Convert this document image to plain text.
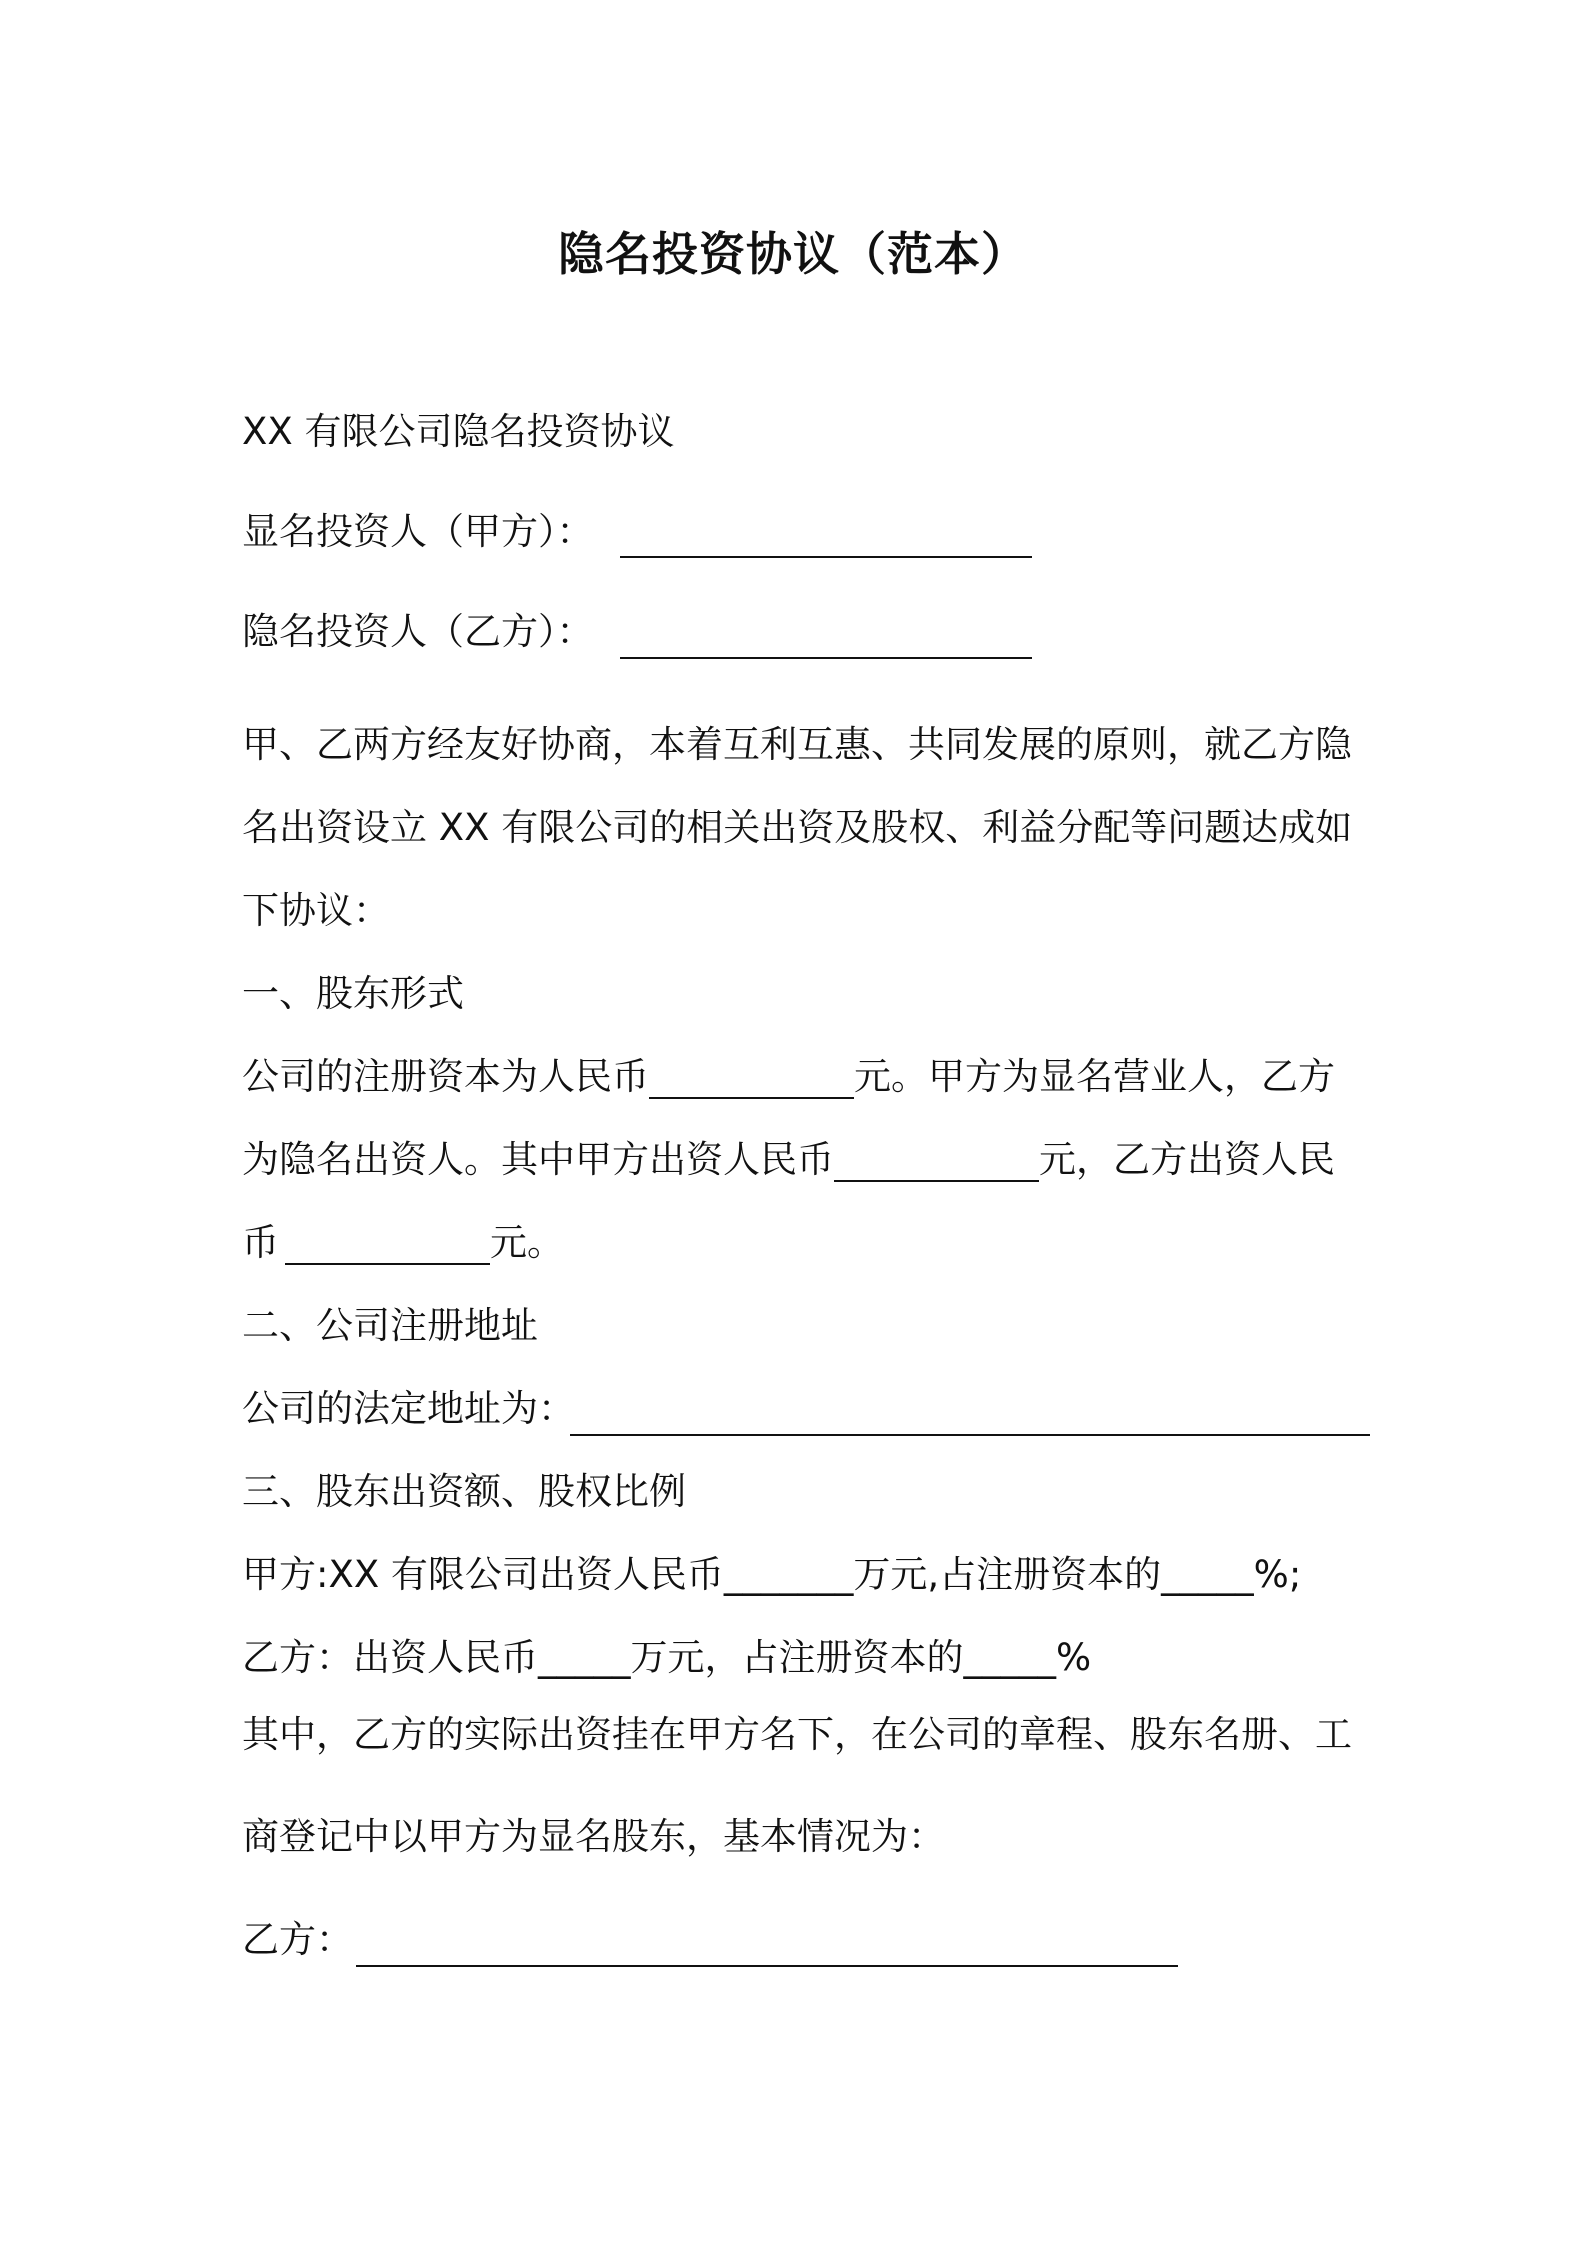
隐名投资协议（范本）
XX 有限公司隐名投资协议
显名投资人（甲方）：
隐名投资人（乙方）：
甲、乙两方经友好协商，本着互利互惠、共同发展的原则，就乙方隐
名出资设立 XX 有限公司的相关出资及股权、利益分配等问题达成如
下协议：
一、股东形式
公司的注册资本为人民币	元。甲方为显名营业人，乙方
为隐名出资人。其中甲方出资人民币	元，乙方出资人民
币	元。
二、公司注册地址
公司的法定地址为：
三、股东出资额、股权比例
甲方:XX 有限公司出资人民币_______万元,占注册资本的_____%;
乙方：出资人民币_____万元，占注册资本的_____%
其中，乙方的实际出资挂在甲方名下，在公司的章程、股东名册、工
商登记中以甲方为显名股东，基本情况为：
乙方：
